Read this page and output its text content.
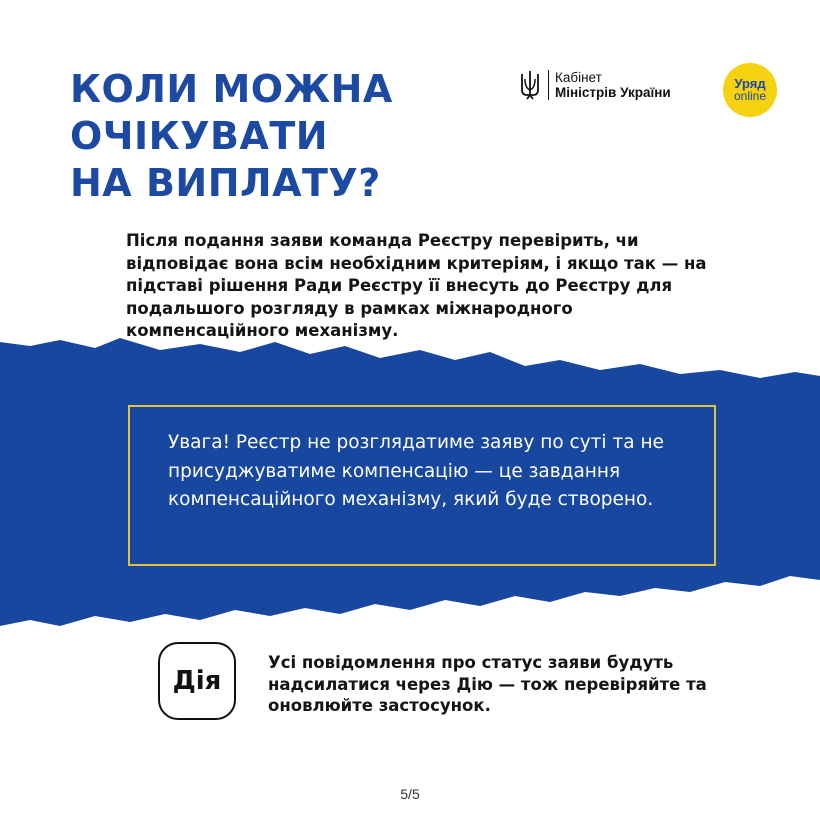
КОЛИ МОЖНА
ОЧІКУВАТИ
НА ВИПЛАТУ?
Кабінет
Міністрів України
Уряд
online

Після подання заяви команда Реєстру перевірить, чи відповідає вона всім необхідним критеріям, і якщо так — на підставі рішення Ради Реєстру її внесуть до Реєстру для подальшого розгляду в рамках міжнародного компенсаційного механізму.

Увага! Реєстр не розглядатиме заяву по суті та не присуджуватиме компенсацію — це завдання компенсаційного механізму, який буде створено.

Дія

Усі повідомлення про статус заяви будуть надсилатися через Дію — тож перевіряйте та оновлюйте застосунок.

5/5
